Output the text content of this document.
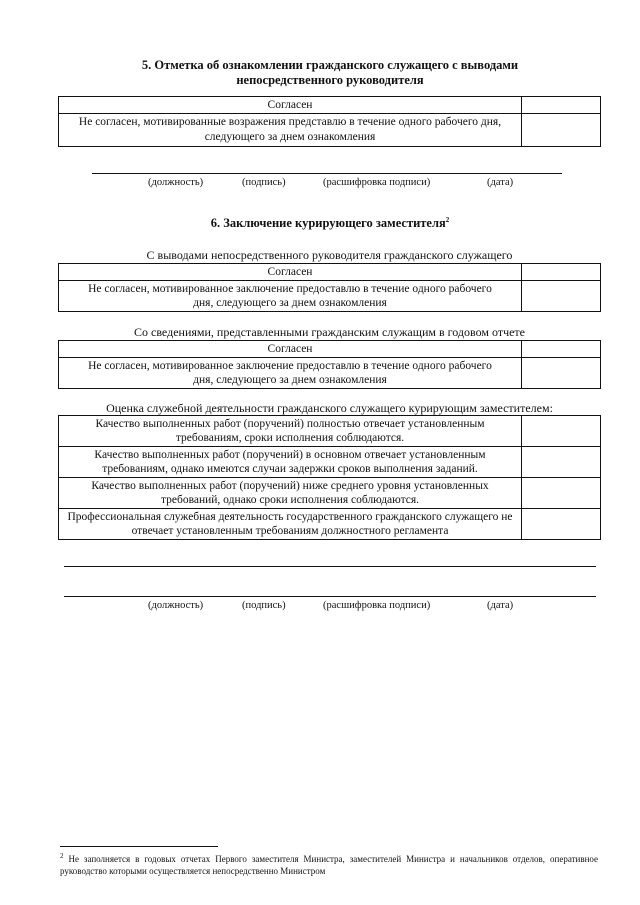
5. Отметка об ознакомлении гражданского служащего с выводами
непосредственного руководителя
Согласен	
Не согласен, мотивированные возражения представлю в течение одного рабочего дня, следующего за днем ознакомления	
(должность)	(подпись)	(расшифровка подписи)	(дата)
6. Заключение курирующего заместителя$^2$
С выводами непосредственного руководителя гражданского служащего
Согласен	
Не согласен, мотивированное заключение предоставлю в течение одного рабочего дня, следующего за днем ознакомления	
Со сведениями, представленными гражданским служащим в годовом отчете
Согласен	
Не согласен, мотивированное заключение предоставлю в течение одного рабочего дня, следующего за днем ознакомления	
Оценка служебной деятельности гражданского служащего курирующим заместителем:
Качество выполненных работ (поручений) полностью отвечает установленным требованиям, сроки исполнения соблюдаются.	
Качество выполненных работ (поручений) в основном отвечает установленным требованиям, однако имеются случаи задержки сроков выполнения заданий.	
Качество выполненных работ (поручений) ниже среднего уровня установленных требований, однако сроки исполнения соблюдаются.	
Профессиональная служебная деятельность государственного гражданского служащего не отвечает установленным требованиям должностного регламента	
(должность)	(подпись)	(расшифровка подписи)	(дата)
$^2$ Не заполняется в годовых отчетах Первого заместителя Министра, заместителей Министра и начальников отделов, оперативное руководство которыми осуществляется непосредственно Министром
